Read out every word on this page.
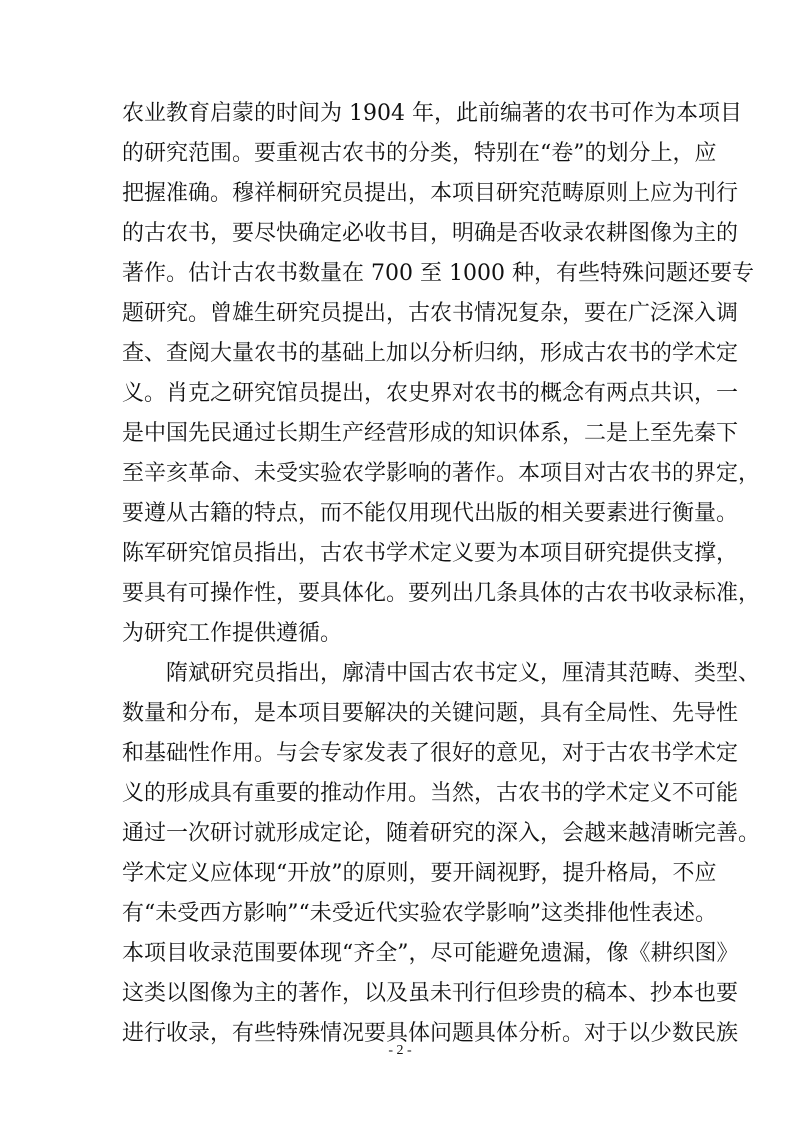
农业教育启蒙的时间为 1904 年，此前编著的农书可作为本项目
的研究范围。要重视古农书的分类，特别在“卷”的划分上，应
把握准确。穆祥桐研究员提出，本项目研究范畴原则上应为刊行
的古农书，要尽快确定必收书目，明确是否收录农耕图像为主的
著作。估计古农书数量在 700 至 1000 种，有些特殊问题还要专
题研究。曾雄生研究员提出，古农书情况复杂，要在广泛深入调
查、查阅大量农书的基础上加以分析归纳，形成古农书的学术定
义。肖克之研究馆员提出，农史界对农书的概念有两点共识，一
是中国先民通过长期生产经营形成的知识体系，二是上至先秦下
至辛亥革命、未受实验农学影响的著作。本项目对古农书的界定，
要遵从古籍的特点，而不能仅用现代出版的相关要素进行衡量。
陈军研究馆员指出，古农书学术定义要为本项目研究提供支撑，
要具有可操作性，要具体化。要列出几条具体的古农书收录标准，
为研究工作提供遵循。
隋斌研究员指出，廓清中国古农书定义，厘清其范畴、类型、
数量和分布，是本项目要解决的关键问题，具有全局性、先导性
和基础性作用。与会专家发表了很好的意见，对于古农书学术定
义的形成具有重要的推动作用。当然，古农书的学术定义不可能
通过一次研讨就形成定论，随着研究的深入，会越来越清晰完善。
学术定义应体现“开放”的原则，要开阔视野，提升格局，不应
有“未受西方影响”“未受近代实验农学影响”这类排他性表述。
本项目收录范围要体现“齐全”，尽可能避免遗漏，像《耕织图》
这类以图像为主的著作，以及虽未刊行但珍贵的稿本、抄本也要
进行收录，有些特殊情况要具体问题具体分析。对于以少数民族
- 2 -
